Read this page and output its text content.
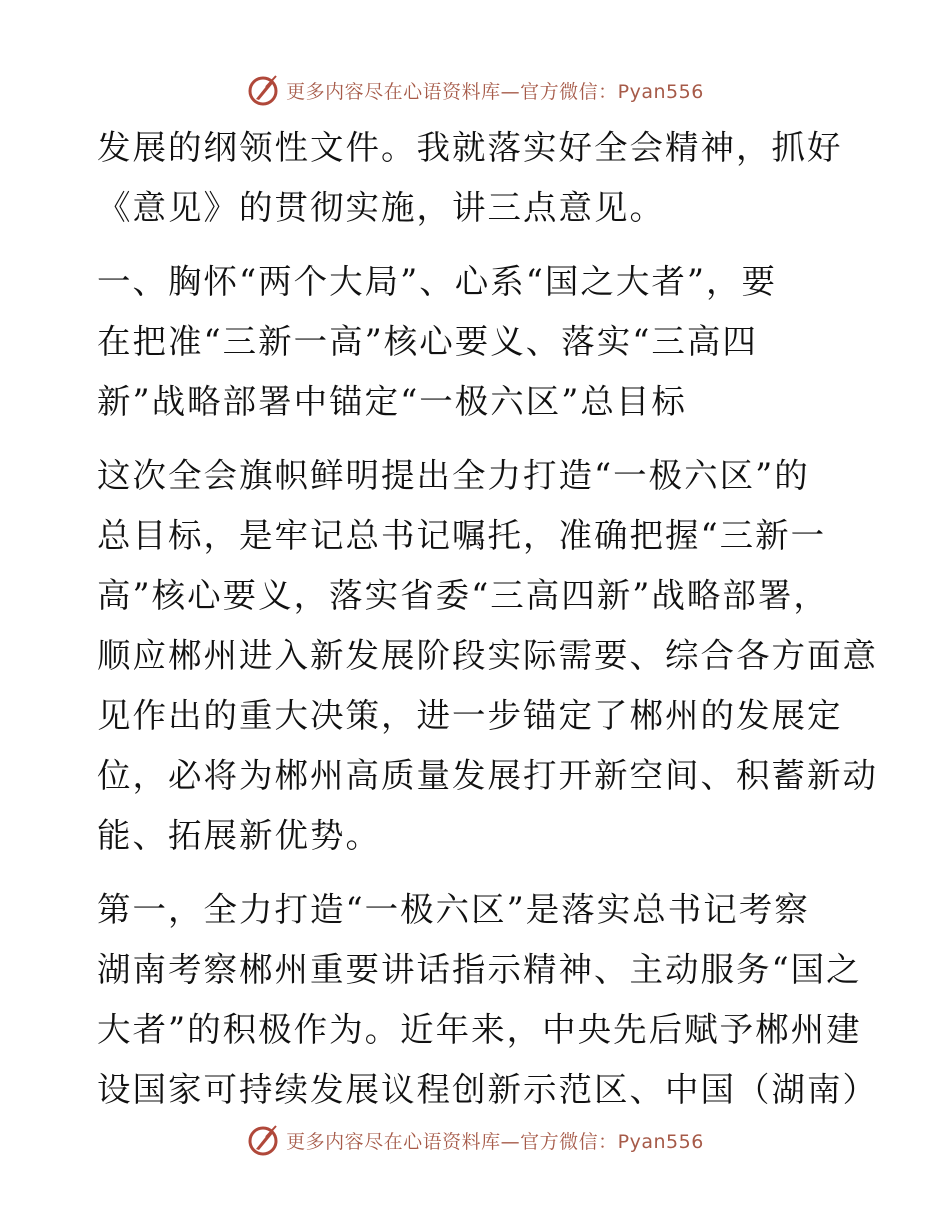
更多内容尽在心语资料库—官方微信：Pyan556

发展的纲领性文件。我就落实好全会精神，抓好
《意见》的贯彻实施，讲三点意见。

一、胸怀“两个大局”、心系“国之大者”，要
在把准“三新一高”核心要义、落实“三高四
新”战略部署中锚定“一极六区”总目标

这次全会旗帜鲜明提出全力打造“一极六区”的
总目标，是牢记总书记嘱托，准确把握“三新一
高”核心要义，落实省委“三高四新”战略部署，
顺应郴州进入新发展阶段实际需要、综合各方面意
见作出的重大决策，进一步锚定了郴州的发展定
位，必将为郴州高质量发展打开新空间、积蓄新动
能、拓展新优势。

第一，全力打造“一极六区”是落实总书记考察
湖南考察郴州重要讲话指示精神、主动服务“国之
大者”的积极作为。近年来，中央先后赋予郴州建
设国家可持续发展议程创新示范区、中国（湖南）

更多内容尽在心语资料库—官方微信：Pyan556
